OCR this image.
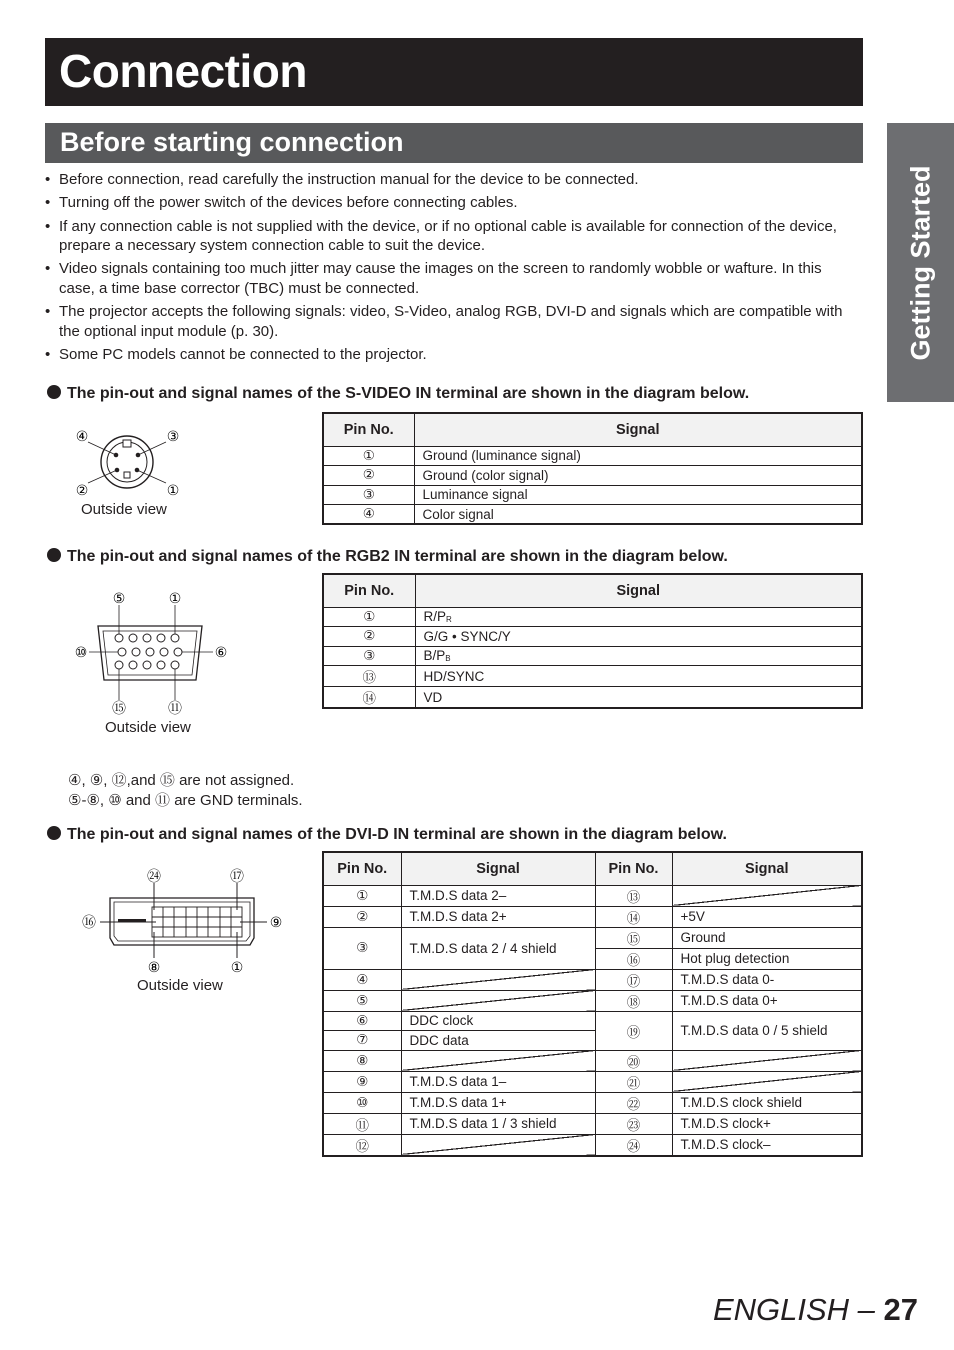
Connection
Before starting connection
Getting Started
• Before connection, read carefully the instruction manual for the device to be connected.
• Turning off the power switch of the devices before connecting cables.
• If any connection cable is not supplied with the device, or if no optional cable is available for connection of the device, prepare a necessary system connection cable to suit the device.
• Video signals containing too much jitter may cause the images on the screen to randomly wobble or wafture. In this case, a time base corrector (TBC) must be connected.
• The projector accepts the following signals: video, S-Video, analog RGB, DVI-D and signals which are compatible with the optional input module (p. 30).
• Some PC models cannot be connected to the projector.
The pin-out and signal names of the S-VIDEO IN terminal are shown in the diagram below.
④	③
②	①
Outside view
Pin No.	Signal
①	Ground (luminance signal)
②	Ground (color signal)
③	Luminance signal
④	Color signal
The pin-out and signal names of the RGB2 IN terminal are shown in the diagram below.
⑤	①
⑩	⑥
⑮	⑪
Outside view
Pin No.	Signal
①	$R/P_R$
②	G/G • SYNC/Y
③	$B/P_B$
⑬	HD/SYNC
⑭	VD
④, ⑨, ⑫,and ⑮ are not assigned.
⑤-⑧, ⑩ and ⑪ are GND terminals.
The pin-out and signal names of the DVI-D IN terminal are shown in the diagram below.
㉔	⑰
⑯	⑨
⑧	①
Outside view
Pin No.	Signal	Pin No.	Signal
①	T.M.D.S data 2–	⑬	
②	T.M.D.S data 2+	⑭	+5V
③	T.M.D.S data 2 / 4 shield	⑮	Ground
		⑯	Hot plug detection
④		⑰	T.M.D.S data 0-
⑤		⑱	T.M.D.S data 0+
⑥	DDC clock	⑲	T.M.D.S data 0 / 5 shield
⑦	DDC data		
⑧		⑳	
⑨	T.M.D.S data 1–	㉑	
⑩	T.M.D.S data 1+	㉒	T.M.D.S clock shield
⑪	T.M.D.S data 1 / 3 shield	㉓	T.M.D.S clock+
⑫		㉔	T.M.D.S clock–
ENGLISH – 27
